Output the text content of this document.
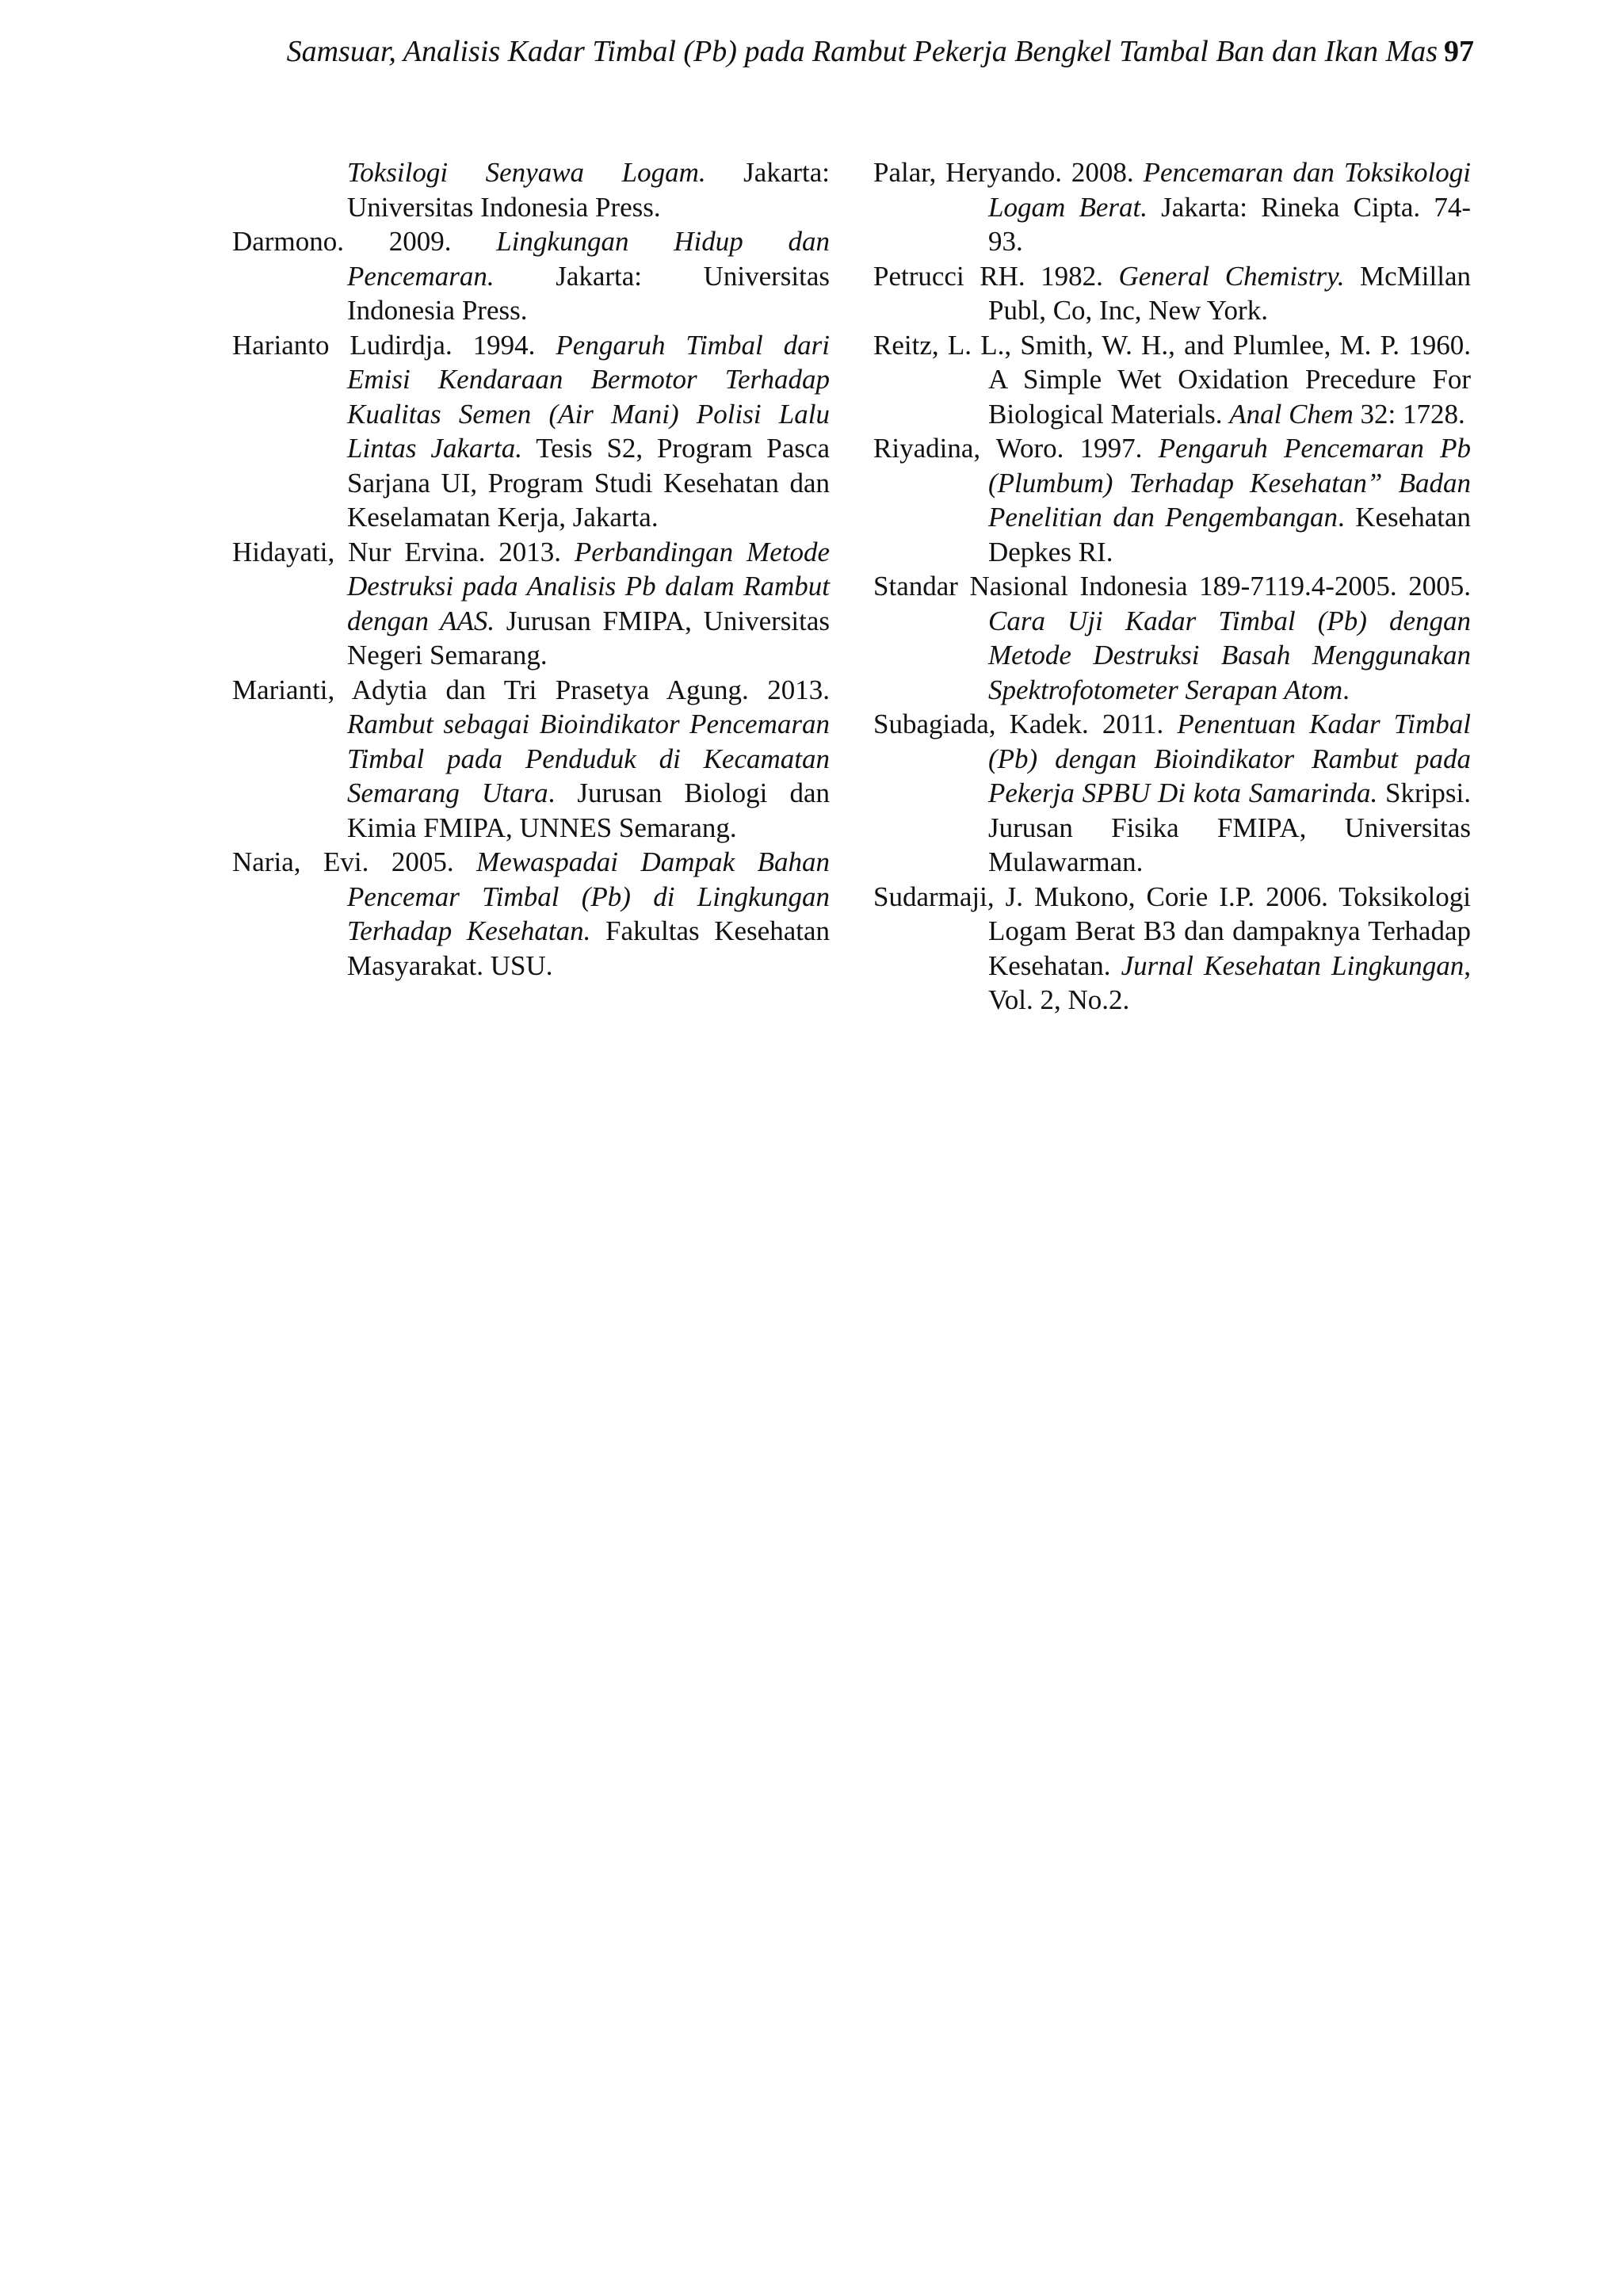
Samsuar, Analisis Kadar Timbal (Pb) pada Rambut Pekerja Bengkel Tambal Ban dan Ikan Mas 97

Toksilogi Senyawa Logam. Jakarta: Universitas Indonesia Press.

Darmono. 2009. Lingkungan Hidup dan Pencemaran. Jakarta: Universitas Indonesia Press.

Harianto Ludirdja. 1994. Pengaruh Timbal dari Emisi Kendaraan Bermotor Terhadap Kualitas Semen (Air Mani) Polisi Lalu Lintas Jakarta. Tesis S2, Program Pasca Sarjana UI, Program Studi Kesehatan dan Keselamatan Kerja, Jakarta.

Hidayati, Nur Ervina. 2013. Perbandingan Metode Destruksi pada Analisis Pb dalam Rambut dengan AAS. Jurusan FMIPA, Universitas Negeri Semarang.

Marianti, Adytia dan Tri Prasetya Agung. 2013. Rambut sebagai Bioindikator Pencemaran Timbal pada Penduduk di Kecamatan Semarang Utara. Jurusan Biologi dan Kimia FMIPA, UNNES Semarang.

Naria, Evi. 2005. Mewaspadai Dampak Bahan Pencemar Timbal (Pb) di Lingkungan Terhadap Kesehatan. Fakultas Kesehatan Masyarakat. USU.

Palar, Heryando. 2008. Pencemaran dan Toksikologi Logam Berat. Jakarta: Rineka Cipta. 74-93.

Petrucci RH. 1982. General Chemistry. McMillan Publ, Co, Inc, New York.

Reitz, L. L., Smith, W. H., and Plumlee, M. P. 1960. A Simple Wet Oxidation Precedure For Biological Materials. Anal Chem 32: 1728.

Riyadina, Woro. 1997. Pengaruh Pencemaran Pb (Plumbum) Terhadap Kesehatan” Badan Penelitian dan Pengembangan. Kesehatan Depkes RI.

Standar Nasional Indonesia 189-7119.4-2005. 2005. Cara Uji Kadar Timbal (Pb) dengan Metode Destruksi Basah Menggunakan Spektrofotometer Serapan Atom.

Subagiada, Kadek. 2011. Penentuan Kadar Timbal (Pb) dengan Bioindikator Rambut pada Pekerja SPBU Di kota Samarinda. Skripsi. Jurusan Fisika FMIPA, Universitas Mulawarman.

Sudarmaji, J. Mukono, Corie I.P. 2006. Toksikologi Logam Berat B3 dan dampaknya Terhadap Kesehatan. Jurnal Kesehatan Lingkungan, Vol. 2, No.2.
